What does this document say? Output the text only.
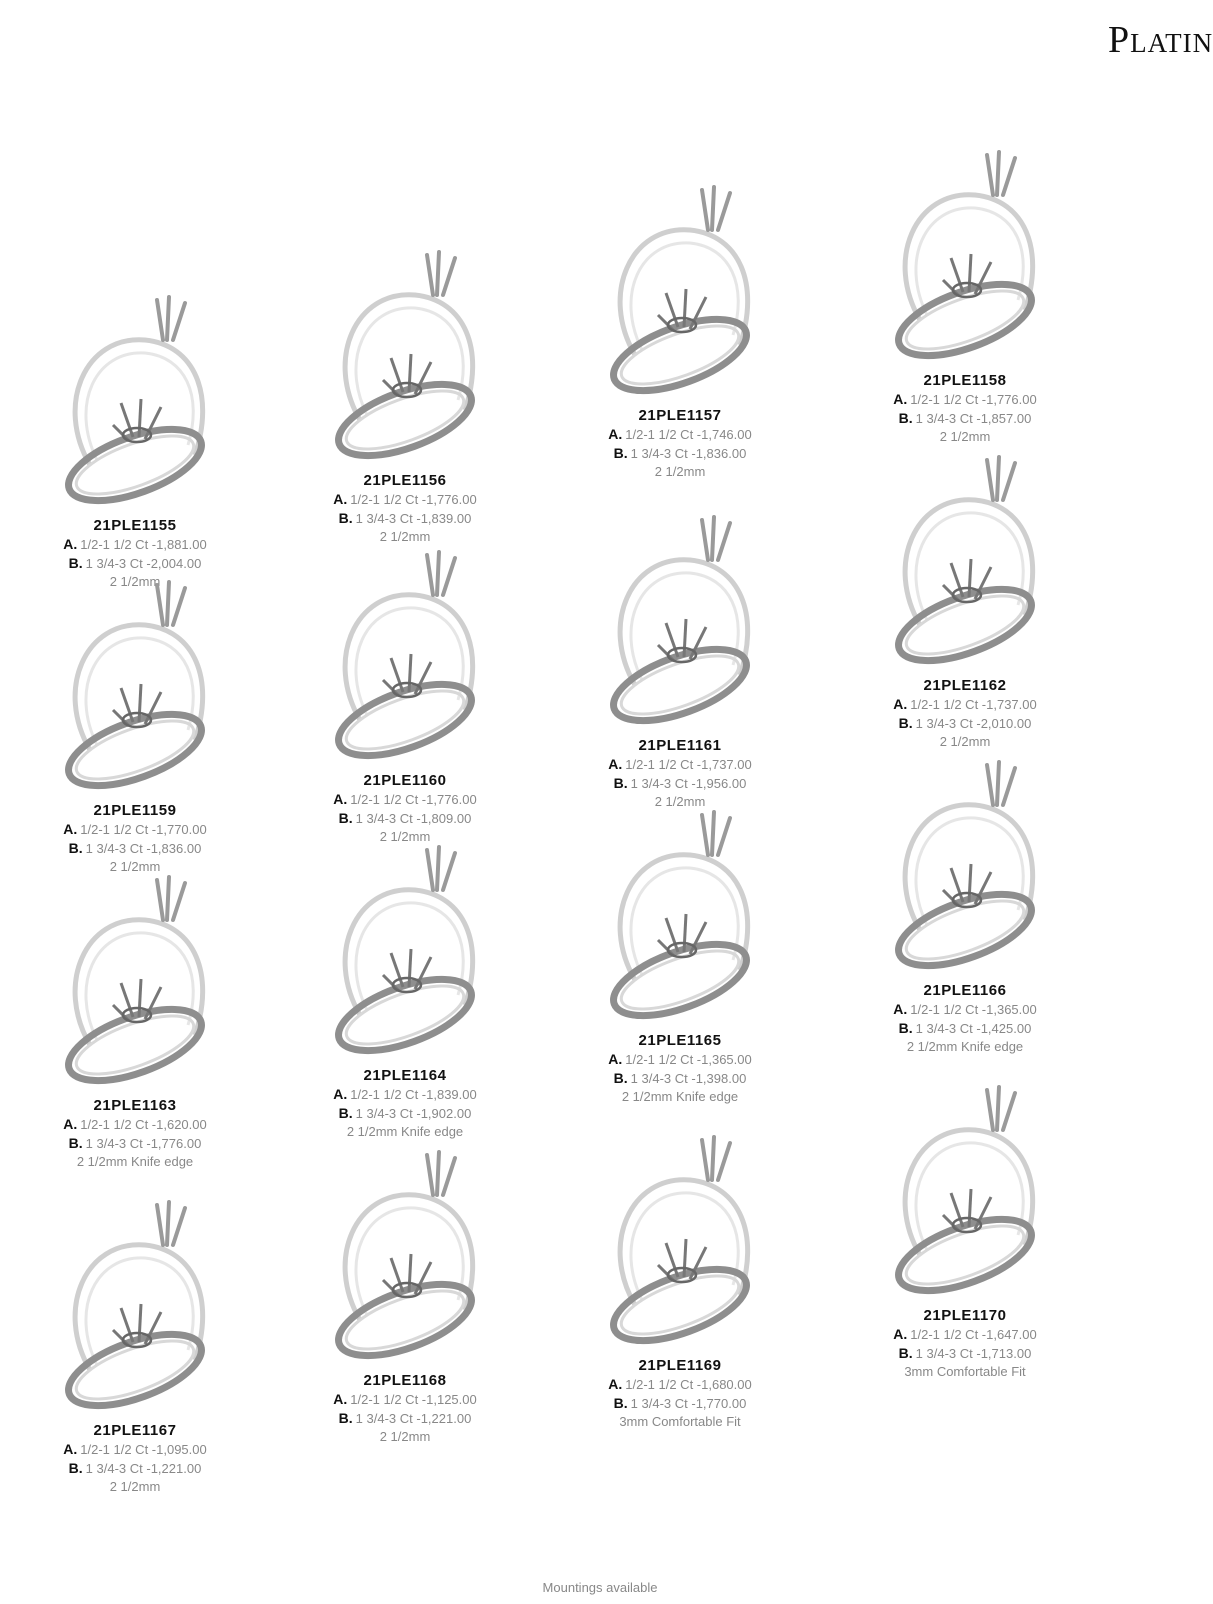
Platin
21PLE1155
A. 1/2-1 1/2 Ct -1,881.00
B. 1 3/4-3 Ct -2,004.00
2 1/2mm
21PLE1156
A. 1/2-1 1/2 Ct -1,776.00
B. 1 3/4-3 Ct -1,839.00
2 1/2mm
21PLE1157
A. 1/2-1 1/2 Ct -1,746.00
B. 1 3/4-3 Ct -1,836.00
2 1/2mm
21PLE1158
A. 1/2-1 1/2 Ct -1,776.00
B. 1 3/4-3 Ct -1,857.00
2 1/2mm
21PLE1159
A. 1/2-1 1/2 Ct -1,770.00
B. 1 3/4-3 Ct -1,836.00
2 1/2mm
21PLE1160
A. 1/2-1 1/2 Ct -1,776.00
B. 1 3/4-3 Ct -1,809.00
2 1/2mm
21PLE1161
A. 1/2-1 1/2 Ct -1,737.00
B. 1 3/4-3 Ct -1,956.00
2 1/2mm
21PLE1162
A. 1/2-1 1/2 Ct -1,737.00
B. 1 3/4-3 Ct -2,010.00
2 1/2mm
21PLE1163
A. 1/2-1 1/2 Ct -1,620.00
B. 1 3/4-3 Ct -1,776.00
2 1/2mm Knife edge
21PLE1164
A. 1/2-1 1/2 Ct -1,839.00
B. 1 3/4-3 Ct -1,902.00
2 1/2mm Knife edge
21PLE1165
A. 1/2-1 1/2 Ct -1,365.00
B. 1 3/4-3 Ct -1,398.00
2 1/2mm Knife edge
21PLE1166
A. 1/2-1 1/2 Ct -1,365.00
B. 1 3/4-3 Ct -1,425.00
2 1/2mm Knife edge
21PLE1167
A. 1/2-1 1/2 Ct -1,095.00
B. 1 3/4-3 Ct -1,221.00
2 1/2mm
21PLE1168
A. 1/2-1 1/2 Ct -1,125.00
B. 1 3/4-3 Ct -1,221.00
2 1/2mm
21PLE1169
A. 1/2-1 1/2 Ct -1,680.00
B. 1 3/4-3 Ct -1,770.00
3mm Comfortable Fit
21PLE1170
A. 1/2-1 1/2 Ct -1,647.00
B. 1 3/4-3 Ct -1,713.00
3mm Comfortable Fit
Mountings available
